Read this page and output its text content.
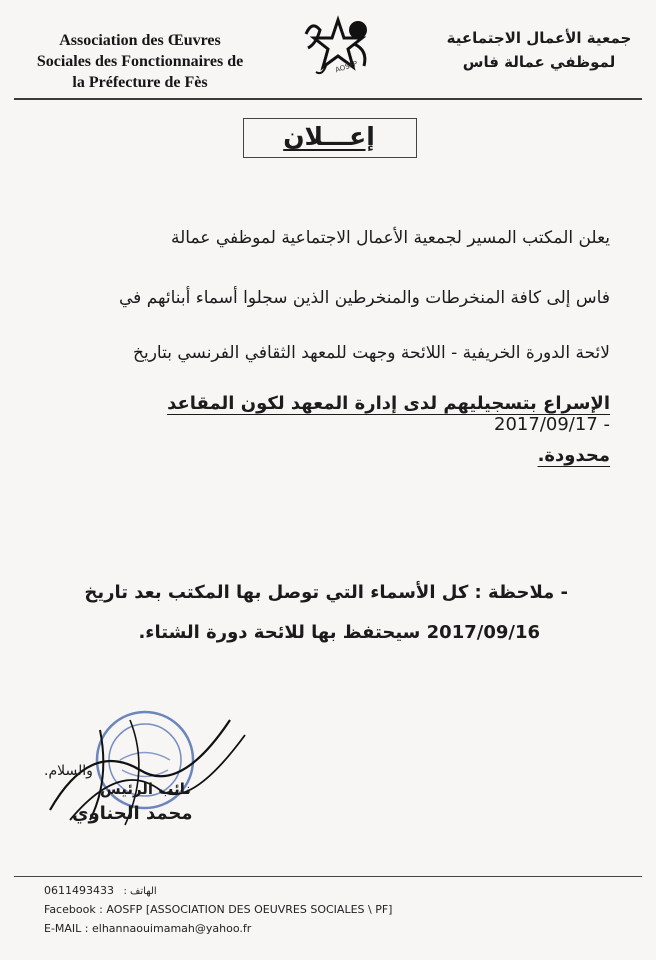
Association des Œuvres
Sociales des Fonctionnaires de
la Préfecture de Fès
AOSFP
جمعية الأعمال الاجتماعية
لموظفي عمالة فاس
إعـــلان
يعلن المكتب المسير لجمعية الأعمال الاجتماعية لموظفي عمالة
فاس إلى كافة المنخرطات والمنخرطين الذين سجلوا أسماء أبنائهم في
لائحة الدورة الخريفية - اللائحة وجهت للمعهد الثقافي الفرنسي بتاريخ
الإسراع بتسجيليهم لدى إدارة المعهد لكون المقاعد   2017/09/17 -
محدودة.
- ملاحظة : كل الأسماء التي توصل بها المكتب بعد تاريخ
2017/09/16 سيحتفظ بها للائحة دورة الشتاء.
والسلام.
نائب الرئيس
محمد الحناوي
0611493433 الهاتف :
Facebook : AOSFP [ASSOCIATION DES OEUVRES SOCIALES \ PF]
E-MAIL : elhannaouimamah@yahoo.fr
